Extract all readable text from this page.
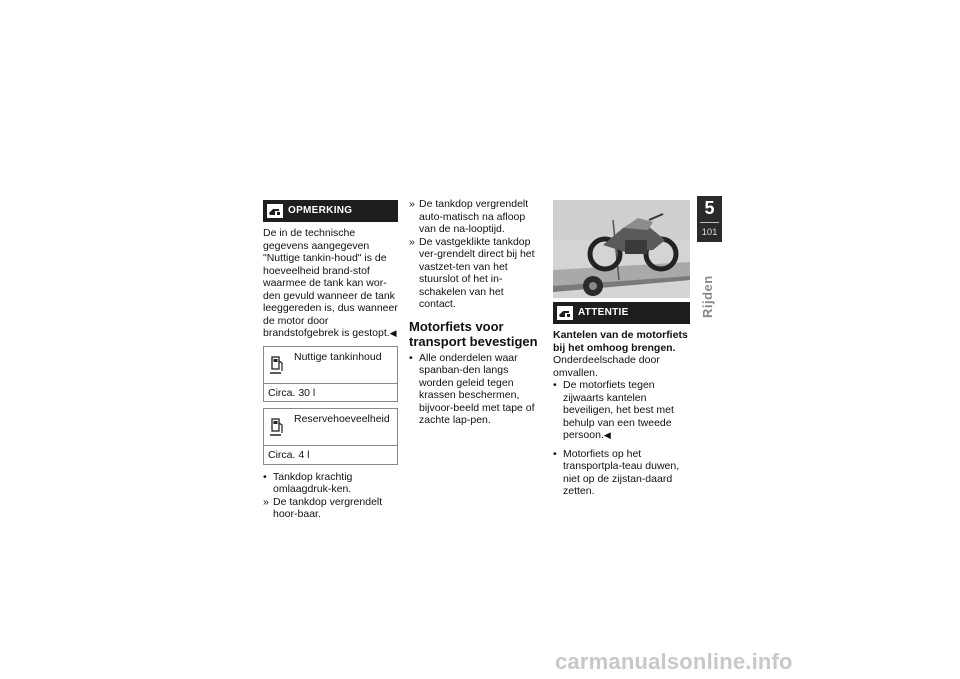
OPMERKING
De in de technische gegevens aangegeven "Nuttige tankin-houd" is de hoeveelheid brand-stof waarmee de tank kan wor-den gevuld wanneer de tank leeggereden is, dus wanneer de motor door brandstofgebrek is gestopt.◀
Nuttige tankinhoud
Circa. 30 l
Reservehoeveelheid
Circa. 4 l
• Tankdop krachtig omlaagdruk-ken.
» De tankdop vergrendelt hoor-baar.
» De tankdop vergrendelt auto-matisch na afloop van de na-looptijd.
» De vastgeklikte tankdop ver-grendelt direct bij het vastzet-ten van het stuurslot of het in-schakelen van het contact.
Motorfiets voor transport bevestigen
• Alle onderdelen waar spanban-den langs worden geleid tegen krassen beschermen, bijvoor-beeld met tape of zachte lap-pen.
ATTENTIE
Kantelen van de motorfiets bij het omhoog brengen.
Onderdeelschade door omvallen.
• De motorfiets tegen zijwaarts kantelen beveiligen, het best met behulp van een tweede persoon.◀
• Motorfiets op het transportpla-teau duwen, niet op de zijstan-daard zetten.
5
101
Rijden
carmanualsonline.info
